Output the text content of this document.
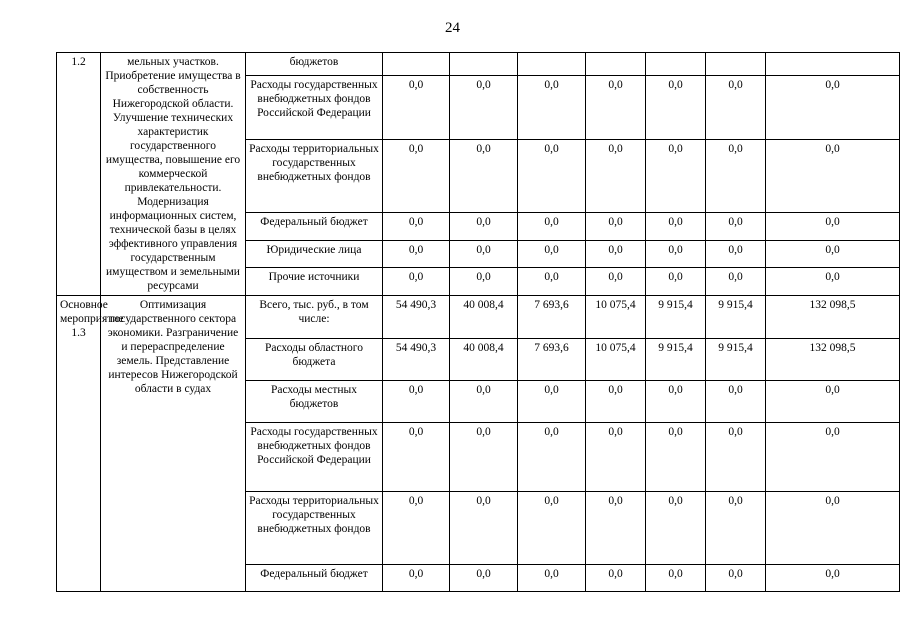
24
1.2	мельных участков. Приобретение имущества в собственность Нижегородской области. Улучшение технических характеристик государственного имущества, повышение его коммерческой привлекательности. Модернизация информационных систем, технической базы в целях эффективного управления государственным имуществом и земельными ресурсами	бюджетов							
		Расходы государственных внебюджетных фондов Российской Федерации	0,0	0,0	0,0	0,0	0,0	0,0	0,0
		Расходы территориальных государственных внебюджетных фондов	0,0	0,0	0,0	0,0	0,0	0,0	0,0
		Федеральный бюджет	0,0	0,0	0,0	0,0	0,0	0,0	0,0
		Юридические лица	0,0	0,0	0,0	0,0	0,0	0,0	0,0
		Прочие источники	0,0	0,0	0,0	0,0	0,0	0,0	0,0
Основное мероприятие 1.3	Оптимизация государственного сектора экономики. Разграничение и перераспределение земель. Представление интересов Нижегородской области в судах	Всего, тыс. руб., в том числе:	54 490,3	40 008,4	7 693,6	10 075,4	9 915,4	9 915,4	132 098,5
		Расходы областного бюджета	54 490,3	40 008,4	7 693,6	10 075,4	9 915,4	9 915,4	132 098,5
		Расходы местных бюджетов	0,0	0,0	0,0	0,0	0,0	0,0	0,0
		Расходы государственных внебюджетных фондов Российской Федерации	0,0	0,0	0,0	0,0	0,0	0,0	0,0
		Расходы территориальных государственных внебюджетных фондов	0,0	0,0	0,0	0,0	0,0	0,0	0,0
		Федеральный бюджет	0,0	0,0	0,0	0,0	0,0	0,0	0,0
